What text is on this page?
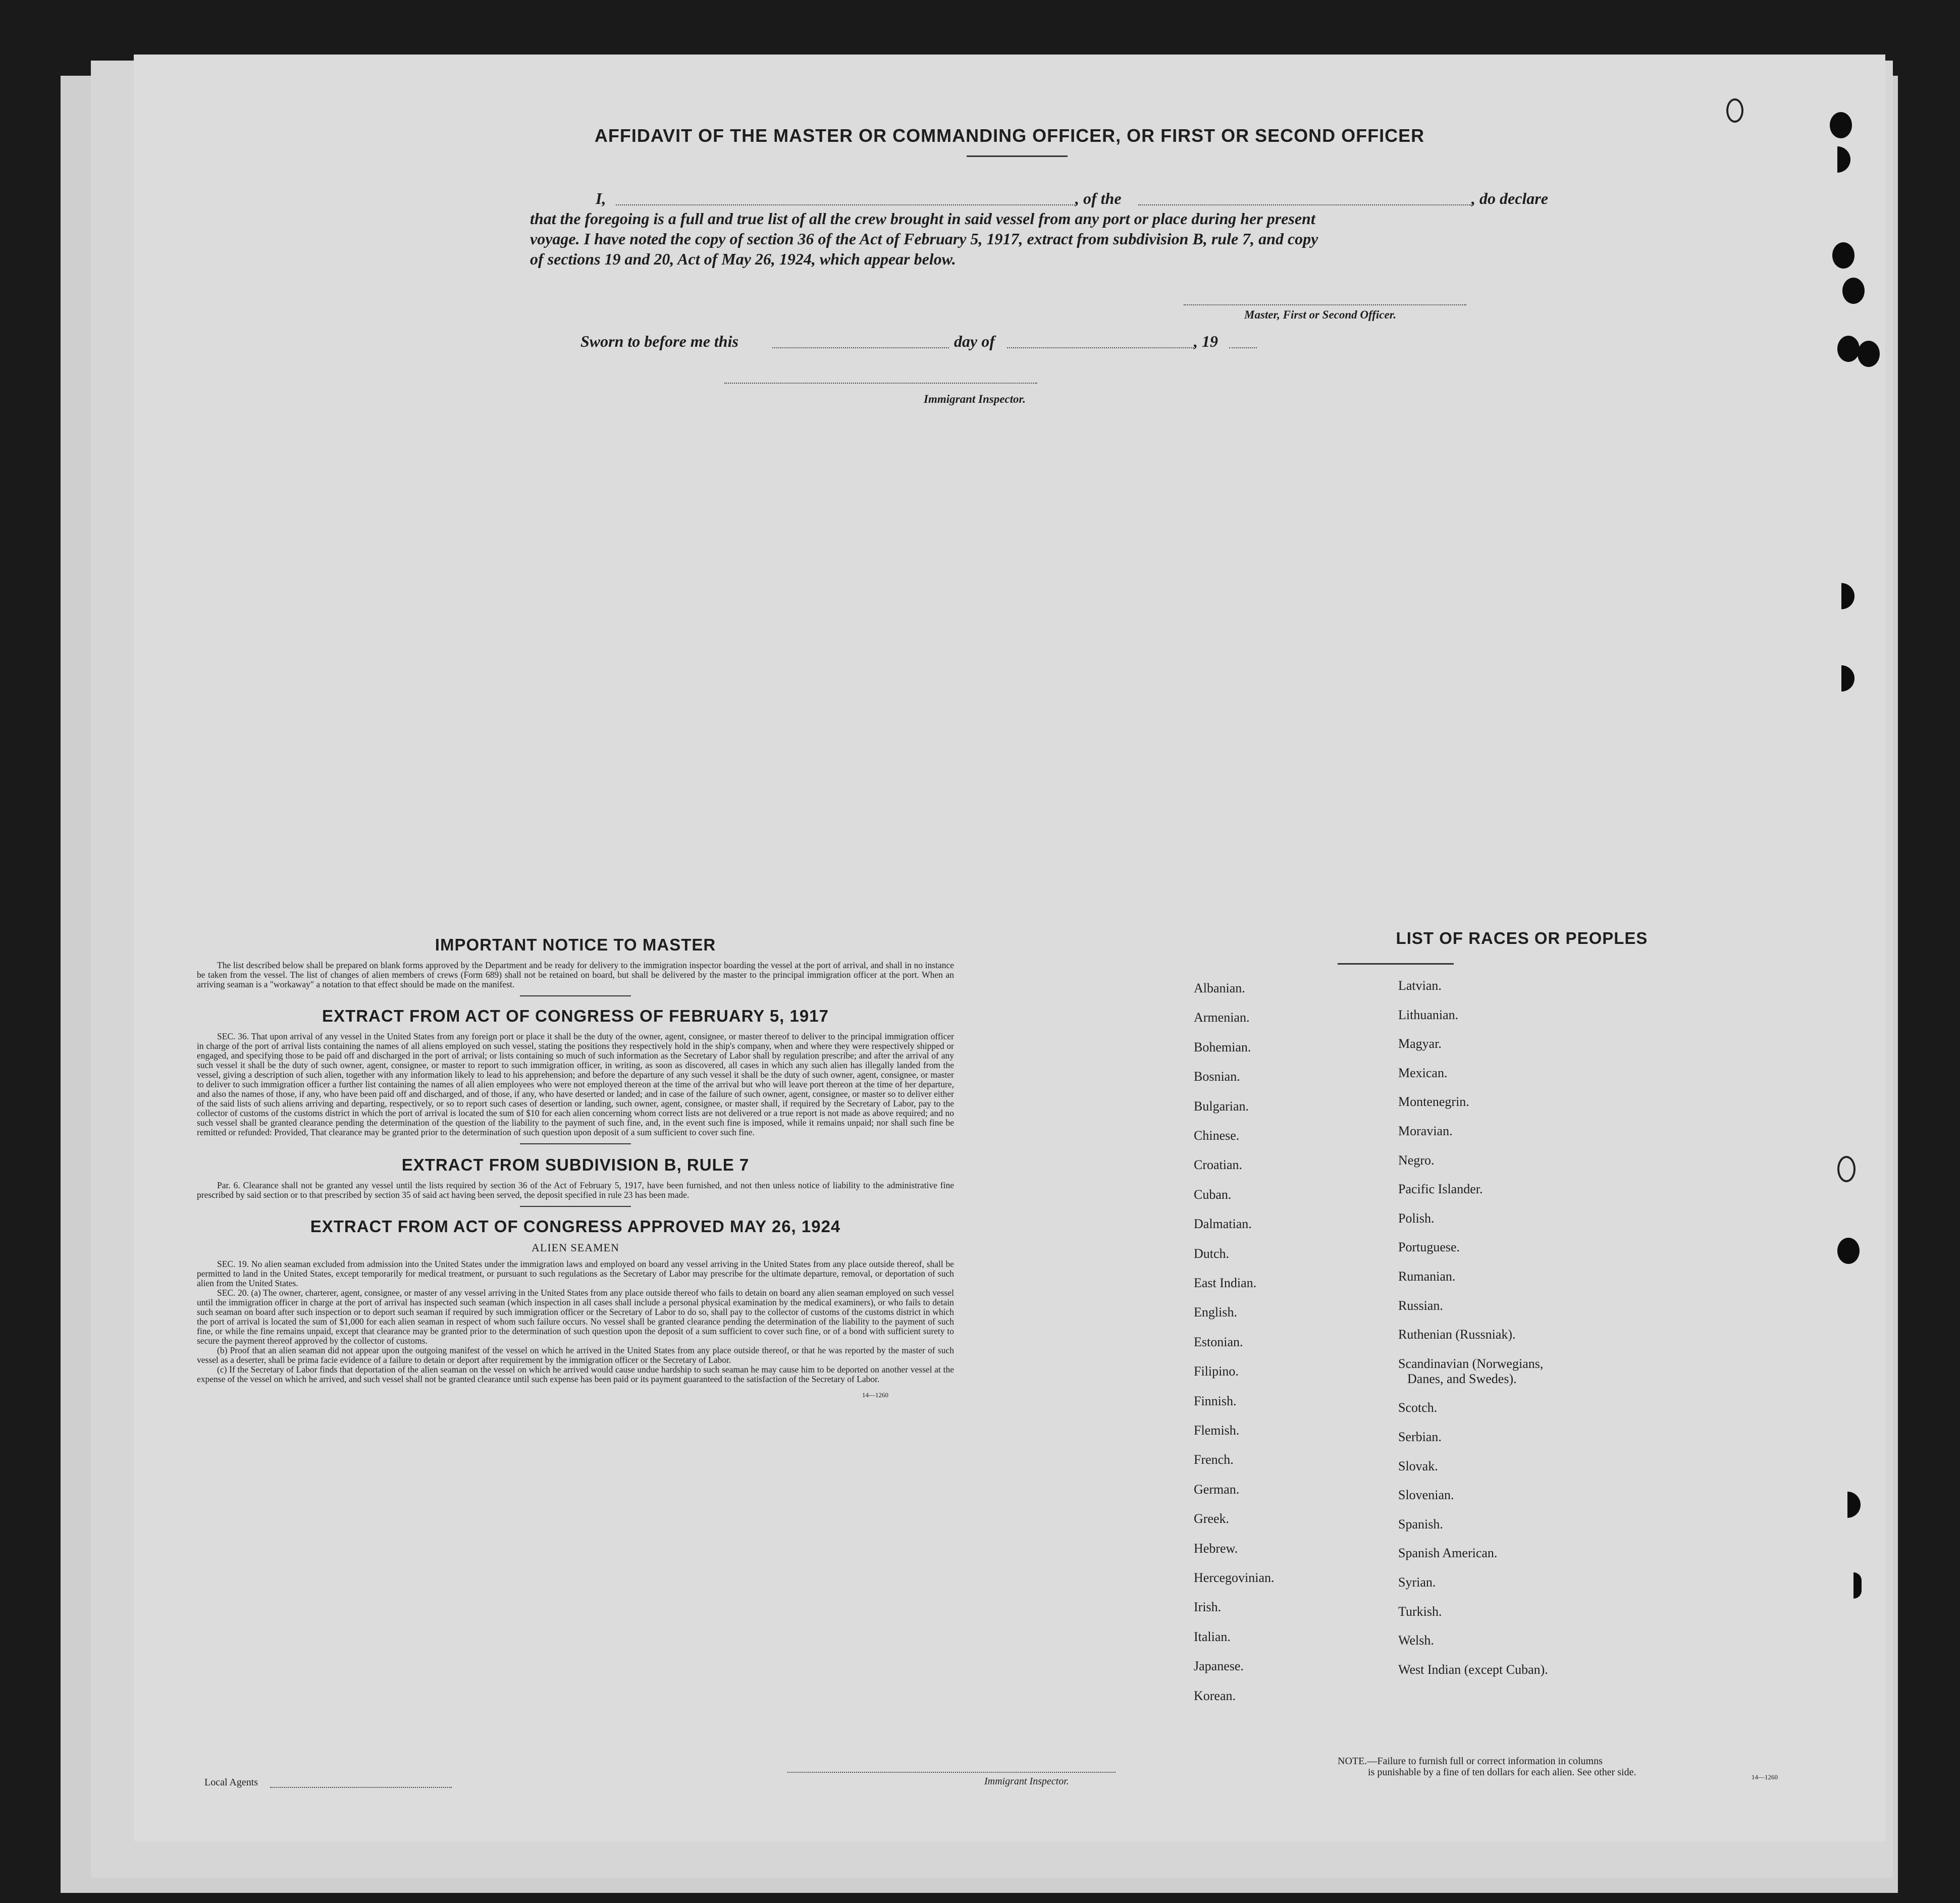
AFFIDAVIT OF THE MASTER OR COMMANDING OFFICER, OR FIRST OR SECOND OFFICER
I,	, of the	, do declare
that the foregoing is a full and true list of all the crew brought in said vessel from any port or place during her present
voyage. I have noted the copy of section 36 of the Act of February 5, 1917, extract from subdivision B, rule 7, and copy
of sections 19 and 20, Act of May 26, 1924, which appear below.
Master, First or Second Officer.
Sworn to before me this	day of	, 19
Immigrant Inspector.
IMPORTANT NOTICE TO MASTER
The list described below shall be prepared on blank forms approved by the Department and be ready for delivery to the immigration inspector boarding the vessel at the port of arrival, and shall in no instance be taken from the vessel. The list of changes of alien members of crews (Form 689) shall not be retained on board, but shall be delivered by the master to the principal immigration officer at the port. When an arriving seaman is a "workaway" a notation to that effect should be made on the manifest.
EXTRACT FROM ACT OF CONGRESS OF FEBRUARY 5, 1917
SEC. 36. That upon arrival of any vessel in the United States from any foreign port or place it shall be the duty of the owner, agent, consignee, or master thereof to deliver to the principal immigration officer in charge of the port of arrival lists containing the names of all aliens employed on such vessel, stating the positions they respectively hold in the ship's company, when and where they were respectively shipped or engaged, and specifying those to be paid off and discharged in the port of arrival; or lists containing so much of such information as the Secretary of Labor shall by regulation prescribe; and after the arrival of any such vessel it shall be the duty of such owner, agent, consignee, or master to report to such immigration officer, in writing, as soon as discovered, all cases in which any such alien has illegally landed from the vessel, giving a description of such alien, together with any information likely to lead to his apprehension; and before the departure of any such vessel it shall be the duty of such owner, agent, consignee, or master to deliver to such immigration officer a further list containing the names of all alien employees who were not employed thereon at the time of the arrival but who will leave port thereon at the time of her departure, and also the names of those, if any, who have been paid off and discharged, and of those, if any, who have deserted or landed; and in case of the failure of such owner, agent, consignee, or master so to deliver either of the said lists of such aliens arriving and departing, respectively, or so to report such cases of desertion or landing, such owner, agent, consignee, or master shall, if required by the Secretary of Labor, pay to the collector of customs of the customs district in which the port of arrival is located the sum of $10 for each alien concerning whom correct lists are not delivered or a true report is not made as above required; and no such vessel shall be granted clearance pending the determination of the question of the liability to the payment of such fine, and, in the event such fine is imposed, while it remains unpaid; nor shall such fine be remitted or refunded: Provided, That clearance may be granted prior to the determination of such question upon deposit of a sum sufficient to cover such fine.
EXTRACT FROM SUBDIVISION B, RULE 7
Par. 6. Clearance shall not be granted any vessel until the lists required by section 36 of the Act of February 5, 1917, have been furnished, and not then unless notice of liability to the administrative fine prescribed by said section or to that prescribed by section 35 of said act having been served, the deposit specified in rule 23 has been made.
EXTRACT FROM ACT OF CONGRESS APPROVED MAY 26, 1924
ALIEN SEAMEN
SEC. 19. No alien seaman excluded from admission into the United States under the immigration laws and employed on board any vessel arriving in the United States from any place outside thereof, shall be permitted to land in the United States, except temporarily for medical treatment, or pursuant to such regulations as the Secretary of Labor may prescribe for the ultimate departure, removal, or deportation of such alien from the United States.
SEC. 20. (a) The owner, charterer, agent, consignee, or master of any vessel arriving in the United States from any place outside thereof who fails to detain on board any alien seaman employed on such vessel until the immigration officer in charge at the port of arrival has inspected such seaman (which inspection in all cases shall include a personal physical examination by the medical examiners), or who fails to detain such seaman on board after such inspection or to deport such seaman if required by such immigration officer or the Secretary of Labor to do so, shall pay to the collector of customs of the customs district in which the port of arrival is located the sum of $1,000 for each alien seaman in respect of whom such failure occurs. No vessel shall be granted clearance pending the determination of the liability to the payment of such fine, or while the fine remains unpaid, except that clearance may be granted prior to the determination of such question upon the deposit of a sum sufficient to cover such fine, or of a bond with sufficient surety to secure the payment thereof approved by the collector of customs.
(b) Proof that an alien seaman did not appear upon the outgoing manifest of the vessel on which he arrived in the United States from any place outside thereof, or that he was reported by the master of such vessel as a deserter, shall be prima facie evidence of a failure to detain or deport after requirement by the immigration officer or the Secretary of Labor.
(c) If the Secretary of Labor finds that deportation of the alien seaman on the vessel on which he arrived would cause undue hardship to such seaman he may cause him to be deported on another vessel at the expense of the vessel on which he arrived, and such vessel shall not be granted clearance until such expense has been paid or its payment guaranteed to the satisfaction of the Secretary of Labor.
14—1260
LIST OF RACES OR PEOPLES
Albanian.
Armenian.
Bohemian.
Bosnian.
Bulgarian.
Chinese.
Croatian.
Cuban.
Dalmatian.
Dutch.
East Indian.
English.
Estonian.
Filipino.
Finnish.
Flemish.
French.
German.
Greek.
Hebrew.
Hercegovinian.
Irish.
Italian.
Japanese.
Korean.
Latvian.
Lithuanian.
Magyar.
Mexican.
Montenegrin.
Moravian.
Negro.
Pacific Islander.
Polish.
Portuguese.
Rumanian.
Russian.
Ruthenian (Russniak).
Scandinavian (Norwegians,
Danes, and Swedes).
Scotch.
Serbian.
Slovak.
Slovenian.
Spanish.
Spanish American.
Syrian.
Turkish.
Welsh.
West Indian (except Cuban).
Local Agents	Immigrant Inspector.
NOTE.—Failure to furnish full or correct information in columns
is punishable by a fine of ten dollars for each alien. See other side.	14—1260
